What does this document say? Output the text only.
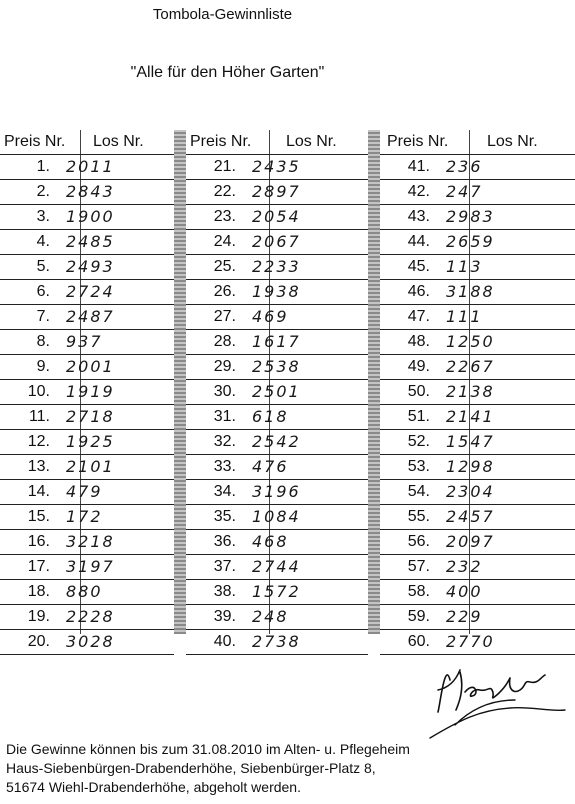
Tombola-Gewinnliste
"Alle für den Höher Garten"
Preis Nr. Los Nr.	Preis Nr. Los Nr.	Preis Nr. Los Nr.
1. 2011
2. 2843
3. 1900
4. 2485
5. 2493
6. 2724
7. 2487
8. 937
9. 2001
10. 1919
11. 2718
12. 1925
13. 2101
14. 479
15. 172
16. 3218
17. 3197
18. 880
19. 2228
20. 3028
21. 2435
22. 2897
23. 2054
24. 2067
25. 2233
26. 1938
27. 469
28. 1617
29. 2538
30. 2501
31. 618
32. 2542
33. 476
34. 3196
35. 1084
36. 468
37. 2744
38. 1572
39. 248
40. 2738
41. 236
42. 247
43. 2983
44. 2659
45. 113
46. 3188
47. 111
48. 1250
49. 2267
50. 2138
51. 2141
52. 1547
53. 1298
54. 2304
55. 2457
56. 2097
57. 232
58. 400
59. 229
60. 2770
Die Gewinne können bis zum 31.08.2010 im Alten- u. Pflegeheim
Haus-Siebenbürgen-Drabenderhöhe, Siebenbürger-Platz 8,
51674 Wiehl-Drabenderhöhe, abgeholt werden.
